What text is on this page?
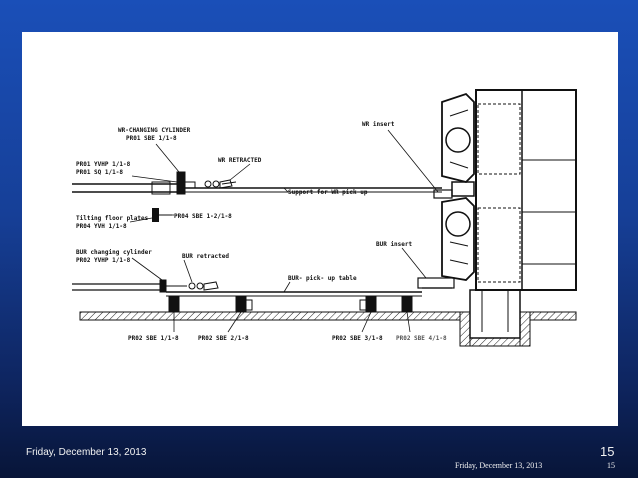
WR-CHANGING CYLINDER
PR01 SBE 1/1-8
WR insert
PR01 YVHP 1/1-8
PR01 SQ 1/1-8
WR RETRACTED
Support for WR pick-up
Tilting floor plates
PR04 YVH 1/1-8
PR04 SBE 1-2/1-8
BUR insert
BUR changing cylinder
PR02 YVHP 1/1-8
BUR retracted
BUR- pick- up table
PR02 SBE 1/1-8	PR02 SBE 2/1-8	PR02 SBE 3/1-8 PR02 SBE 4/1-8
Friday, December 13, 2013	15
Friday, December 13, 2013	15
